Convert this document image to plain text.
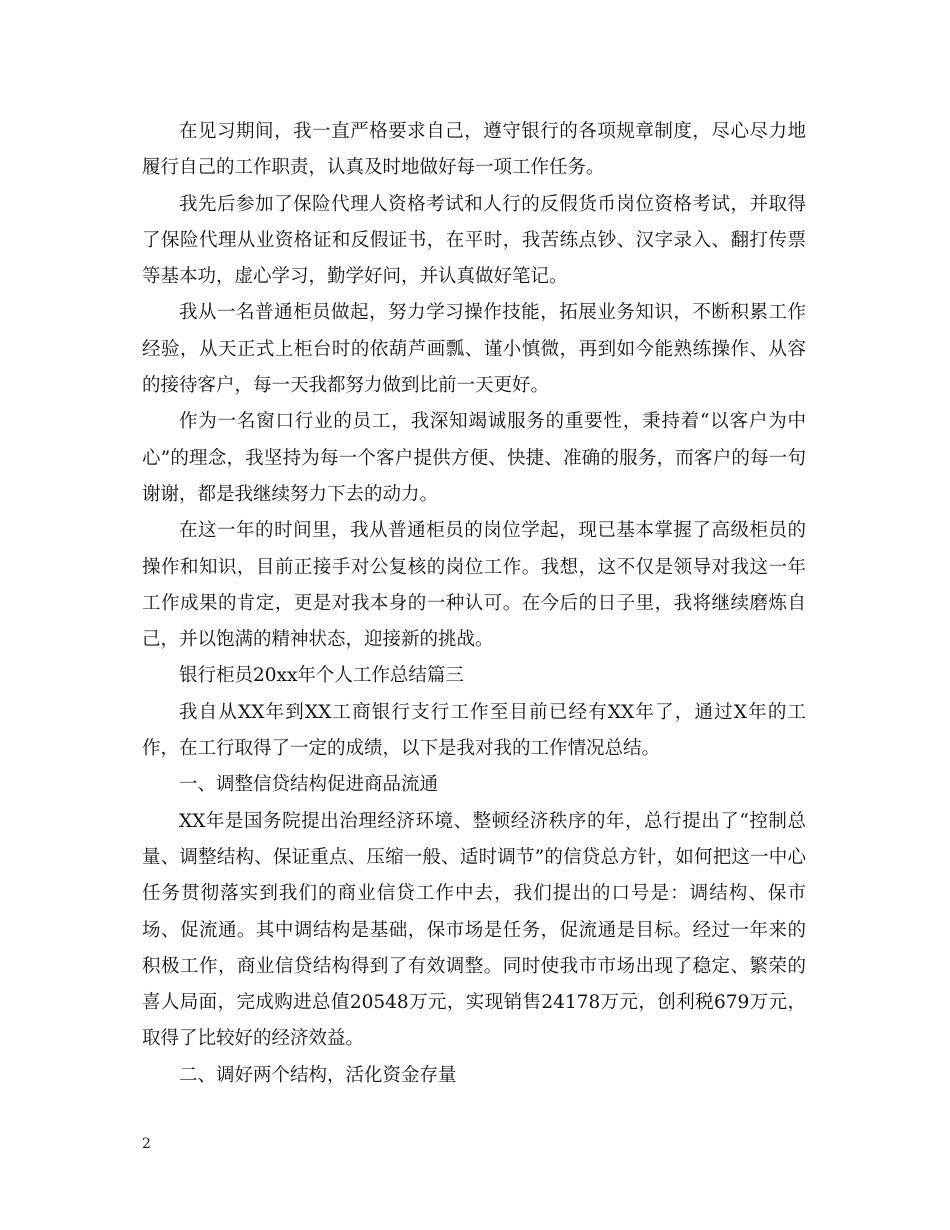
在见习期间，我一直严格要求自己，遵守银行的各项规章制度，尽心尽力地履行自己的工作职责，认真及时地做好每一项工作任务。

我先后参加了保险代理人资格考试和人行的反假货币岗位资格考试，并取得了保险代理从业资格证和反假证书，在平时，我苦练点钞、汉字录入、翻打传票等基本功，虚心学习，勤学好问，并认真做好笔记。

我从一名普通柜员做起，努力学习操作技能，拓展业务知识，不断积累工作经验，从天正式上柜台时的依葫芦画瓢、谨小慎微，再到如今能熟练操作、从容的接待客户，每一天我都努力做到比前一天更好。

作为一名窗口行业的员工，我深知竭诚服务的重要性，秉持着“以客户为中心”的理念，我坚持为每一个客户提供方便、快捷、准确的服务，而客户的每一句谢谢，都是我继续努力下去的动力。

在这一年的时间里，我从普通柜员的岗位学起，现已基本掌握了高级柜员的操作和知识，目前正接手对公复核的岗位工作。我想，这不仅是领导对我这一年工作成果的肯定，更是对我本身的一种认可。在今后的日子里，我将继续磨炼自己，并以饱满的精神状态，迎接新的挑战。

银行柜员20xx年个人工作总结篇三

我自从XX年到XX工商银行支行工作至目前已经有XX年了，通过X年的工作，在工行取得了一定的成绩，以下是我对我的工作情况总结。

一、调整信贷结构促进商品流通

XX年是国务院提出治理经济环境、整顿经济秩序的年，总行提出了“控制总量、调整结构、保证重点、压缩一般、适时调节”的信贷总方针，如何把这一中心任务贯彻落实到我们的商业信贷工作中去，我们提出的口号是：调结构、保市场、促流通。其中调结构是基础，保市场是任务，促流通是目标。经过一年来的积极工作，商业信贷结构得到了有效调整。同时使我市市场出现了稳定、繁荣的喜人局面，完成购进总值20548万元，实现销售24178万元，创利税679万元，取得了比较好的经济效益。

二、调好两个结构，活化资金存量

2
